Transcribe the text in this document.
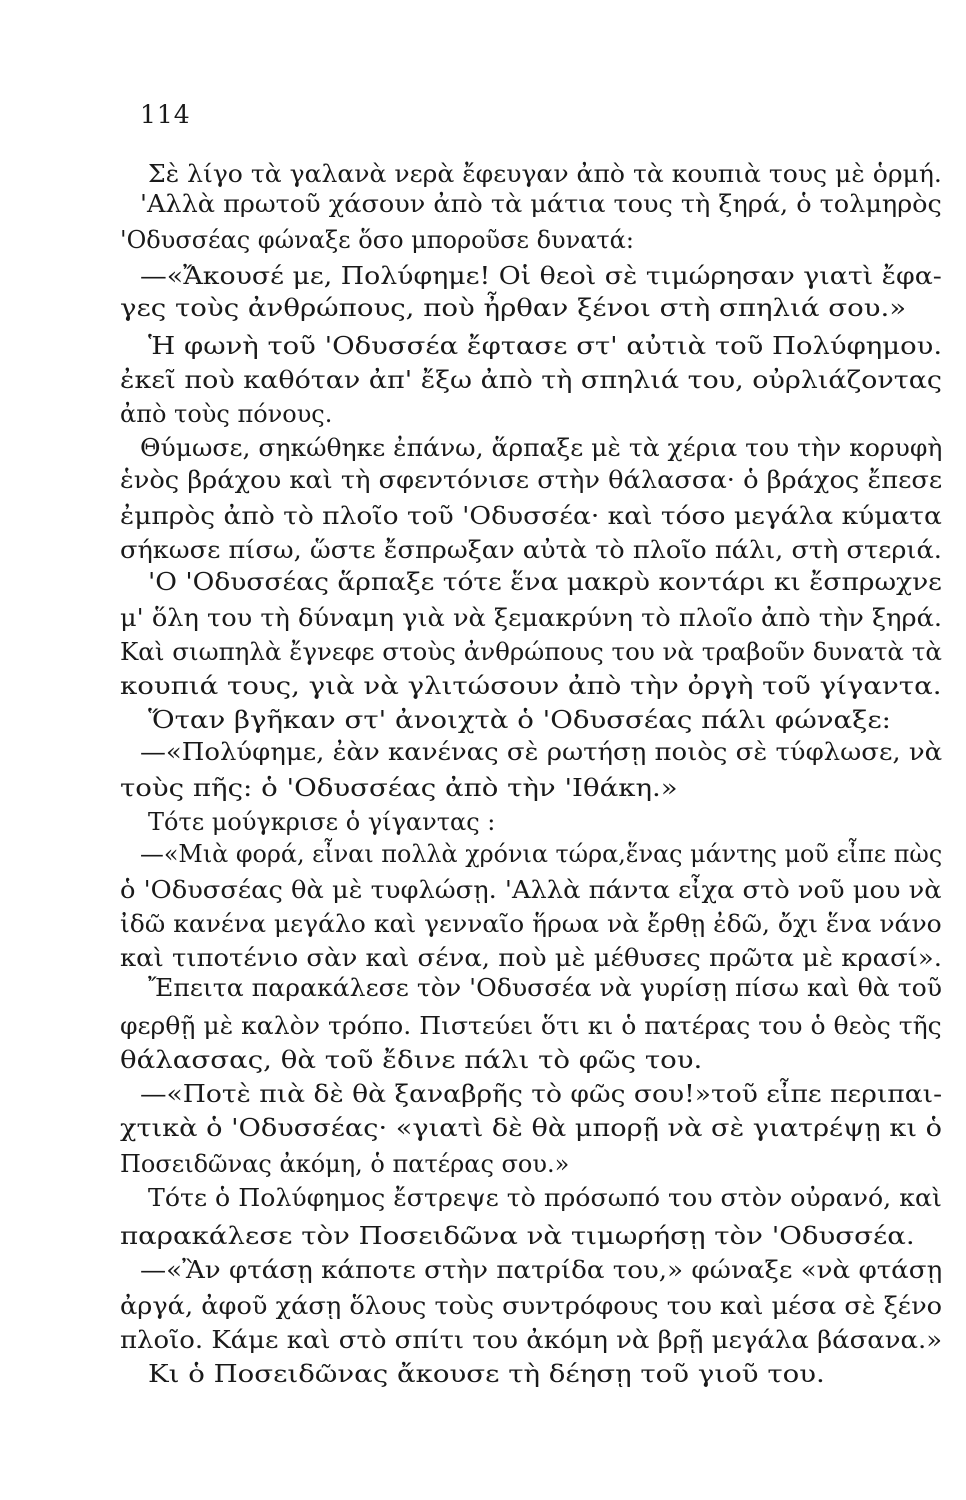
114
Σὲ λίγο τὰ γαλανὰ νερὰ ἔφευγαν ἀπὸ τὰ κουπιὰ τους μὲ ὁρμή.
'Αλλὰ πρωτοῦ χάσουν ἀπὸ τὰ μάτια τους τὴ ξηρά, ὁ τολμηρὸς
'Οδυσσέας φώναξε ὅσο μποροῦσε δυνατά:
—«Ἄκουσέ με, Πολύφημε! Οἱ θεοὶ σὲ τιμώρησαν γιατὶ ἔφα-
γες τοὺς ἀνθρώπους, ποὺ ἦρθαν ξένοι στὴ σπηλιά σου.»
Ἡ φωνὴ τοῦ 'Οδυσσέα ἔφτασε στ' αὐτιὰ τοῦ Πολύφημου.
ἐκεῖ ποὺ καθόταν ἀπ' ἔξω ἀπὸ τὴ σπηλιά του, οὐρλιάζοντας
ἀπὸ τοὺς πόνους.
Θύμωσε, σηκώθηκε ἐπάνω, ἅρπαξε μὲ τὰ χέρια του τὴν κορυφὴ
ἑνὸς βράχου καὶ τὴ σφεντόνισε στὴν θάλασσα· ὁ βράχος ἔπεσε
ἐμπρὸς ἀπὸ τὸ πλοῖο τοῦ 'Οδυσσέα· καὶ τόσο μεγάλα κύματα
σήκωσε πίσω, ὥστε ἔσπρωξαν αὐτὰ τὸ πλοῖο πάλι, στὴ στεριά.
'Ο 'Οδυσσέας ἅρπαξε τότε ἕνα μακρὺ κοντάρι κι ἔσπρωχνε
μ' ὅλη του τὴ δύναμη γιὰ νὰ ξεμακρύνη τὸ πλοῖο ἀπὸ τὴν ξηρά.
Καὶ σιωπηλὰ ἔγνεφε στοὺς ἀνθρώπους του νὰ τραβοῦν δυνατὰ τὰ
κουπιά τους, γιὰ νὰ γλιτώσουν ἀπὸ τὴν ὀργὴ τοῦ γίγαντα.
Ὅταν βγῆκαν στ' ἀνοιχτὰ ὁ 'Οδυσσέας πάλι φώναξε:
—«Πολύφημε, ἐὰν κανένας σὲ ρωτήσῃ ποιὸς σὲ τύφλωσε, νὰ
τοὺς πῆς: ὁ 'Οδυσσέας ἀπὸ τὴν 'Ιθάκη.»
Τότε μούγκρισε ὁ γίγαντας :
—«Μιὰ φορά, εἶναι πολλὰ χρόνια τώρα,ἕνας μάντης μοῦ εἶπε πὼς
ὁ 'Οδυσσέας θὰ μὲ τυφλώσῃ. 'Αλλὰ πάντα εἶχα στὸ νοῦ μου νὰ
ἰδῶ κανένα μεγάλο καὶ γενναῖο ἥρωα νὰ ἔρθῃ ἐδῶ, ὄχι ἕνα νάνο
καὶ τιποτένιο σὰν καὶ σένα, ποὺ μὲ μέθυσες πρῶτα μὲ κρασί».
Ἔπειτα παρακάλεσε τὸν 'Οδυσσέα νὰ γυρίσῃ πίσω καὶ θὰ τοῦ
φερθῇ μὲ καλὸν τρόπο. Πιστεύει ὅτι κι ὁ πατέρας του ὁ θεὸς τῆς
θάλασσας, θὰ τοῦ ἔδινε πάλι τὸ φῶς του.
—«Ποτὲ πιὰ δὲ θὰ ξαναβρῆς τὸ φῶς σου!»τοῦ εἶπε περιπαι-
χτικὰ ὁ 'Οδυσσέας· «γιατὶ δὲ θὰ μπορῇ νὰ σὲ γιατρέψῃ κι ὁ
Ποσειδῶνας ἀκόμη, ὁ πατέρας σου.»
Τότε ὁ Πολύφημος ἔστρεψε τὸ πρόσωπό του στὸν οὐρανό, καὶ
παρακάλεσε τὸν Ποσειδῶνα νὰ τιμωρήσῃ τὸν 'Οδυσσέα.
—«Ἂν φτάσῃ κάποτε στὴν πατρίδα του,» φώναξε «νὰ φτάσῃ
ἀργά, ἀφοῦ χάσῃ ὅλους τοὺς συντρόφους του καὶ μέσα σὲ ξένο
πλοῖο. Κάμε καὶ στὸ σπίτι του ἀκόμη νὰ βρῇ μεγάλα βάσανα.»
Κι ὁ Ποσειδῶνας ἄκουσε τὴ δέησῃ τοῦ γιοῦ του.
